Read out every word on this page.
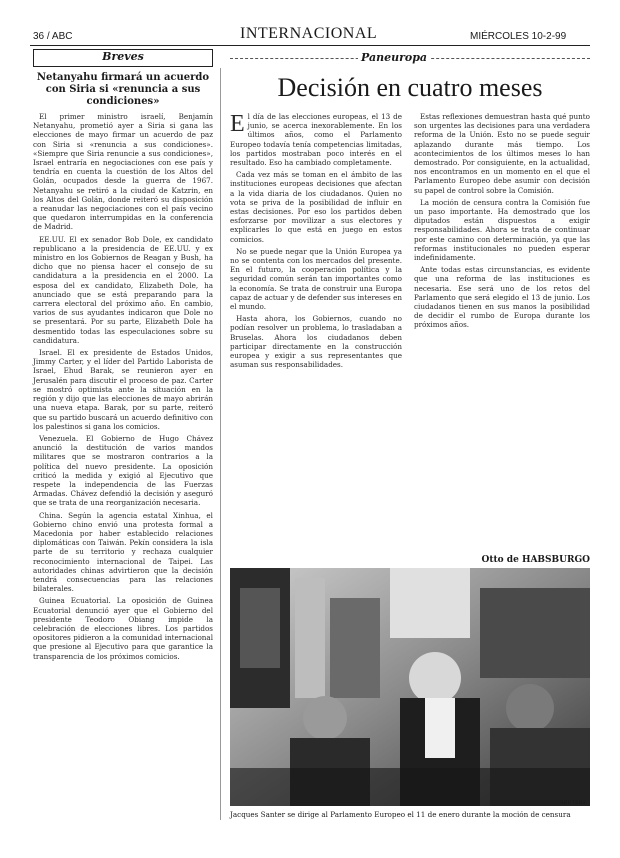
36 / ABC	INTERNACIONAL	MIÉRCOLES 10-2-99
Breves
Netanyahu firmará un acuerdo con Siria si «renuncia a sus condiciones»

El primer ministro israelí, Benjamín Netanyahu, prometió ayer a Siria si gana las elecciones de mayo firmar un acuerdo de paz con Siria si «renuncia a sus condiciones». «Siempre que Siria renuncie a sus condiciones», Israel entraría en negociaciones con ese país y tendría en cuenta la cuestión de los Altos del Golán, ocupados desde la guerra de 1967. Netanyahu se retiró a la ciudad de Katzrin, en los Altos del Golán, donde reiteró su disposición a reanudar las negociaciones con el país vecino que quedaron interrumpidas en la conferencia de Madrid.

EE.UU. El ex senador Bob Dole, ex candidato republicano a la presidencia de EE.UU. y ex ministro en los Gobiernos de Reagan y Bush, ha dicho que no piensa hacer el consejo de su candidatura a la presidencia en el 2000. La esposa del ex candidato, Elizabeth Dole, ha anunciado que se está preparando para la carrera electoral del próximo año. En cambio, varios de sus ayudantes indicaron que Dole no se presentará. Por su parte, Elizabeth Dole ha desmentido todas las especulaciones sobre su candidatura.

Israel. El ex presidente de Estados Unidos, Jimmy Carter, y el líder del Partido Laborista de Israel, Ehud Barak, se reunieron ayer en Jerusalén para discutir el proceso de paz. Carter se mostró optimista ante la situación en la región y dijo que las elecciones de mayo abrirán una nueva etapa. Barak, por su parte, reiteró que su partido buscará un acuerdo definitivo con los palestinos si gana los comicios.

Venezuela. El Gobierno de Hugo Chávez anunció la destitución de varios mandos militares que se mostraron contrarios a la política del nuevo presidente. La oposición criticó la medida y exigió al Ejecutivo que respete la independencia de las Fuerzas Armadas. Chávez defendió la decisión y aseguró que se trata de una reorganización necesaria.

China. Según la agencia estatal Xinhua, el Gobierno chino envió una protesta formal a Macedonia por haber establecido relaciones diplomáticas con Taiwán. Pekín considera la isla parte de su territorio y rechaza cualquier reconocimiento internacional de Taipei. Las autoridades chinas advirtieron que la decisión tendrá consecuencias para las relaciones bilaterales.

Guinea Ecuatorial. La oposición de Guinea Ecuatorial denunció ayer que el Gobierno del presidente Teodoro Obiang impide la celebración de elecciones libres. Los partidos opositores pidieron a la comunidad internacional que presione al Ejecutivo para que garantice la transparencia de los próximos comicios.

Paneuropa
Decisión en cuatro meses

El día de las elecciones europeas, el 13 de junio, se acerca inexorablemente. En los últimos años, como el Parlamento Europeo todavía tenía competencias limitadas, los partidos mostraban poco interés en el resultado. Eso ha cambiado completamente.

Cada vez más se toman en el ámbito de las instituciones europeas decisiones que afectan a la vida diaria de los ciudadanos. Quien no vota se priva de la posibilidad de influir en estas decisiones. Por eso los partidos deben esforzarse por movilizar a sus electores y explicarles lo que está en juego en estos comicios.

No se puede negar que la Unión Europea ya no se contenta con los mercados del presente. En el futuro, la cooperación política y la seguridad común serán tan importantes como la economía. Se trata de construir una Europa capaz de actuar y de defender sus intereses en el mundo.

Hasta ahora, los Gobiernos, cuando no podían resolver un problema, lo trasladaban a Bruselas. Ahora los ciudadanos deben participar directamente en la construcción europea y exigir a sus representantes que asuman sus responsabilidades.

Estas reflexiones demuestran hasta qué punto son urgentes las decisiones para una verdadera reforma de la Unión. Esto no se puede seguir aplazando durante más tiempo. Los acontecimientos de los últimos meses lo han demostrado. Por consiguiente, en la actualidad, nos encontramos en un momento en el que el Parlamento Europeo debe asumir con decisión su papel de control sobre la Comisión.

La moción de censura contra la Comisión fue un paso importante. Ha demostrado que los diputados están dispuestos a exigir responsabilidades. Ahora se trata de continuar por este camino con determinación, ya que las reformas institucionales no pueden esperar indefinidamente.

Ante todas estas circunstancias, es evidente que una reforma de las instituciones es necesaria. Ese será uno de los retos del Parlamento que será elegido el 13 de junio. Los ciudadanos tienen en sus manos la posibilidad de decidir el rumbo de Europa durante los próximos años.

Otto de HABSBURGO
REUTERS
Jacques Santer se dirige al Parlamento Europeo el 11 de enero durante la moción de censura
